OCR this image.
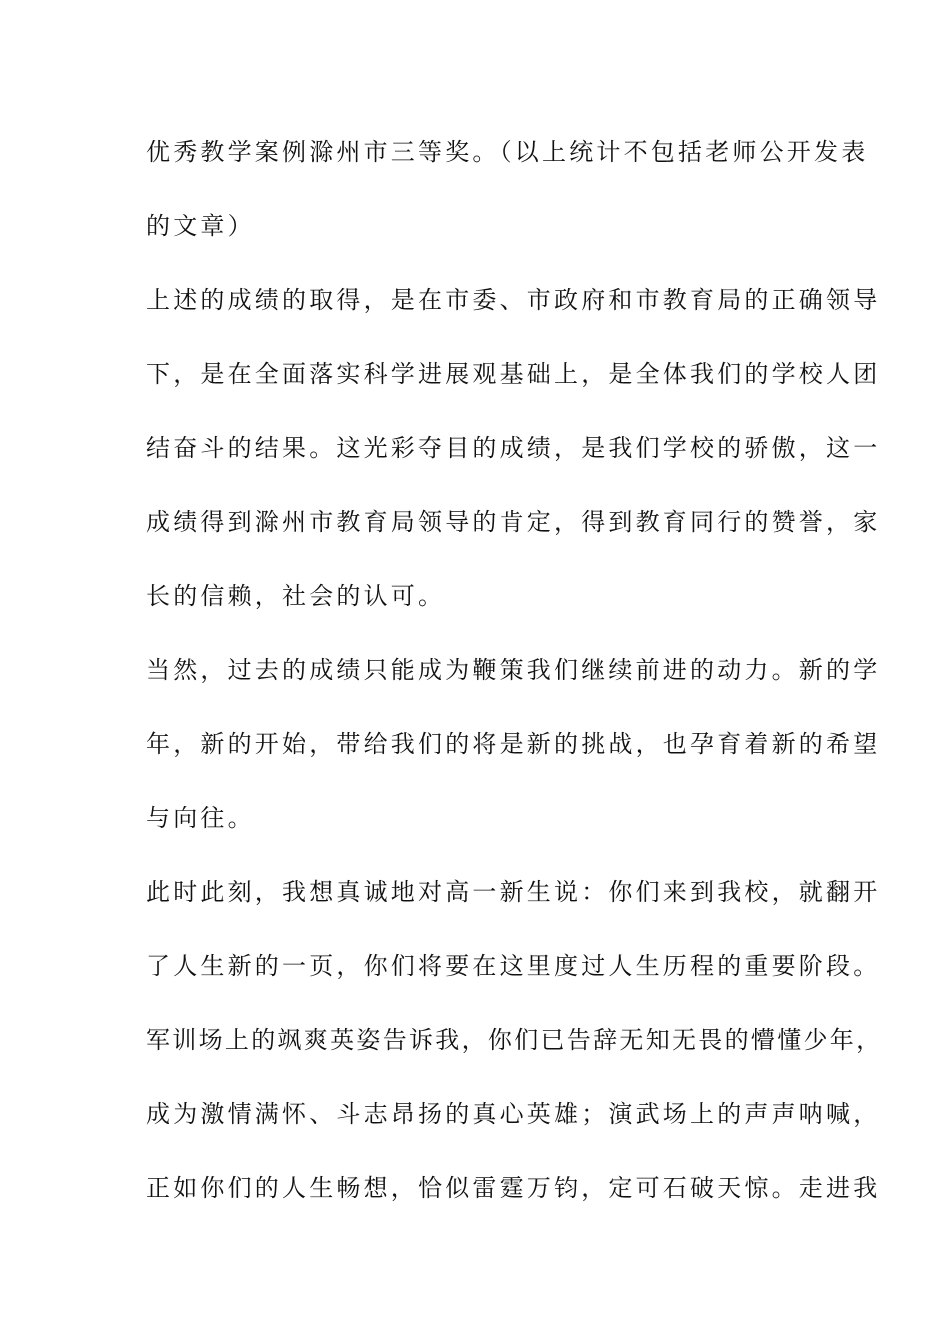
优秀教学案例滁州市三等奖。（以上统计不包括老师公开发表
的文章）
上述的成绩的取得，是在市委、市政府和市教育局的正确领导
下，是在全面落实科学进展观基础上，是全体我们的学校人团
结奋斗的结果。这光彩夺目的成绩，是我们学校的骄傲，这一
成绩得到滁州市教育局领导的肯定，得到教育同行的赞誉，家
长的信赖，社会的认可。
当然，过去的成绩只能成为鞭策我们继续前进的动力。新的学
年，新的开始，带给我们的将是新的挑战，也孕育着新的希望
与向往。
此时此刻，我想真诚地对高一新生说：你们来到我校，就翻开
了人生新的一页，你们将要在这里度过人生历程的重要阶段。
军训场上的飒爽英姿告诉我，你们已告辞无知无畏的懵懂少年，
成为激情满怀、斗志昂扬的真心英雄；演武场上的声声呐喊，
正如你们的人生畅想，恰似雷霆万钧，定可石破天惊。走进我
